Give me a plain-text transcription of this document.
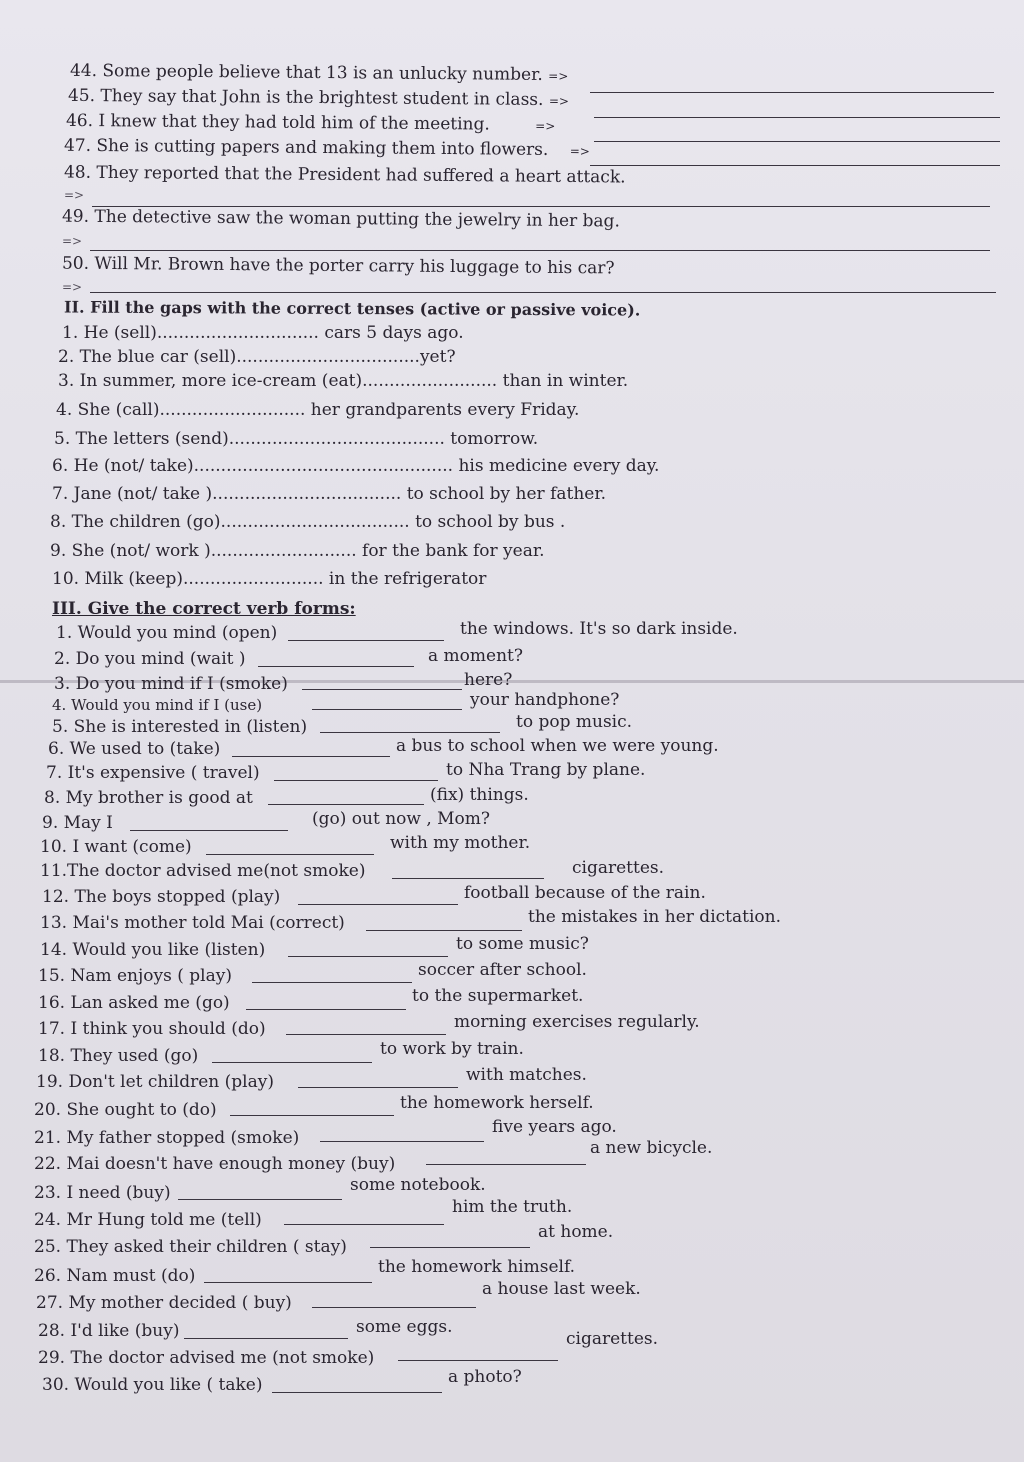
44. Some people believe that 13 is an unlucky number. =>
45. They say that John is the brightest student in class. =>
46. I knew that they had told him of the meeting.	=>
47. She is cutting papers and making them into flowers. =>
48. They reported that the President had suffered a heart attack.
=>
49. The detective saw the woman putting the jewelry in her bag.
=>
50. Will Mr. Brown have the porter carry his luggage to his car?
=>
II. Fill the gaps with the correct tenses (active or passive voice).
1. He (sell).............................. cars 5 days ago.
2. The blue car (sell)..................................yet?
3. In summer, more ice-cream (eat)......................... than in winter.
4. She (call)........................... her grandparents every Friday.
5. The letters (send)........................................ tomorrow.
6. He (not/ take)................................................ his medicine every day.
7. Jane (not/ take )................................... to school by her father.
8. The children (go)................................... to school by bus .
9. She (not/ work )........................... for the bank for year.
10. Milk (keep).......................... in the refrigerator
III. Give the correct verb forms:
1. Would you mind (open)	the windows. It's so dark inside.
2. Do you mind (wait )	a moment?
3. Do you mind if I (smoke)	here?
4. Would you mind if I (use)	your handphone?
5. She is interested in (listen)	to pop music.
6. We used to (take)	a bus to school when we were young.
7. It's expensive ( travel)	to Nha Trang by plane.
8. My brother is good at	(fix) things.
9. May I	(go) out now , Mom?
10. I want (come)	with my mother.
11.The doctor advised me(not smoke)	cigarettes.
12. The boys stopped (play)	football because of the rain.
13. Mai's mother told Mai (correct)	the mistakes in her dictation.
14. Would you like (listen)	to some music?
15. Nam enjoys ( play)	soccer after school.
16. Lan asked me (go)	to the supermarket.
17. I think you should (do)	morning exercises regularly.
18. They used (go)	to work by train.
19. Don't let children (play)	with matches.
20. She ought to (do)	the homework herself.
21. My father stopped (smoke)
five years ago.
22. Mai doesn't have enough money (buy)
a new bicycle.
23. I need (buy)	some notebook.
24. Mr Hung told me (tell)
him the truth.
25. They asked their children ( stay)
at home.
26. Nam must (do)	the homework himself.
27. My mother decided ( buy)
a house last week.
28. I'd like (buy)	some eggs.
29. The doctor advised me (not smoke)
cigarettes.
30. Would you like ( take)	a photo?
